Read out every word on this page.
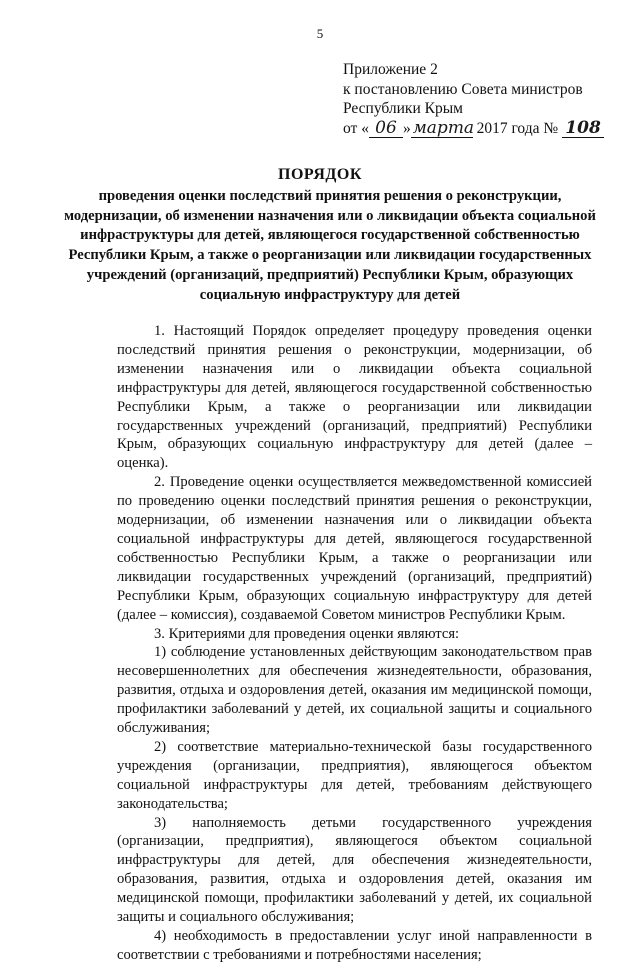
5
Приложение 2
к постановлению Совета министров
Республики Крым
от « 06 » марта 2017 года № 108
ПОРЯДОК
проведения оценки последствий принятия решения о реконструкции, модернизации, об изменении назначения или о ликвидации объекта социальной инфраструктуры для детей, являющегося государственной собственностью Республики Крым, а также о реорганизации или ликвидации государственных учреждений (организаций, предприятий) Республики Крым, образующих социальную инфраструктуру для детей

1. Настоящий Порядок определяет процедуру проведения оценки последствий принятия решения о реконструкции, модернизации, об изменении назначения или о ликвидации объекта социальной инфраструктуры для детей, являющегося государственной собственностью Республики Крым, а также о реорганизации или ликвидации государственных учреждений (организаций, предприятий) Республики Крым, образующих социальную инфраструктуру для детей (далее – оценка).

2. Проведение оценки осуществляется межведомственной комиссией по проведению оценки последствий принятия решения о реконструкции, модернизации, об изменении назначения или о ликвидации объекта социальной инфраструктуры для детей, являющегося государственной собственностью Республики Крым, а также о реорганизации или ликвидации государственных учреждений (организаций, предприятий) Республики Крым, образующих социальную инфраструктуру для детей (далее – комиссия), создаваемой Советом министров Республики Крым.

3. Критериями для проведения оценки являются:

1) соблюдение установленных действующим законодательством прав несовершеннолетних для обеспечения жизнедеятельности, образования, развития, отдыха и оздоровления детей, оказания им медицинской помощи, профилактики заболеваний у детей, их социальной защиты и социального обслуживания;

2) соответствие материально-технической базы государственного учреждения (организации, предприятия), являющегося объектом социальной инфраструктуры для детей, требованиям действующего законодательства;

3) наполняемость детьми государственного учреждения (организации, предприятия), являющегося объектом социальной инфраструктуры для детей, для обеспечения жизнедеятельности, образования, развития, отдыха и оздоровления детей, оказания им медицинской помощи, профилактики заболеваний у детей, их социальной защиты и социального обслуживания;

4) необходимость в предоставлении услуг иной направленности в соответствии с требованиями и потребностями населения;
